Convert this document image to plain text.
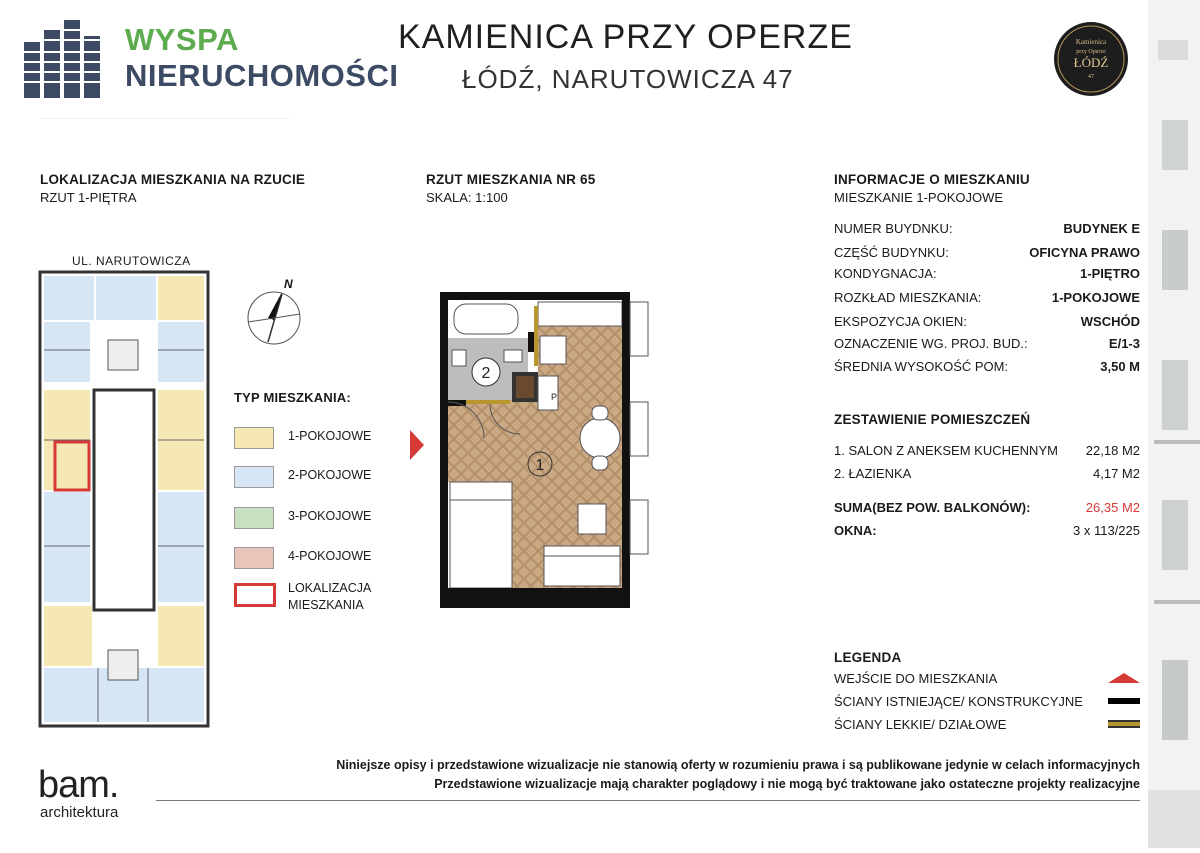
WYSPA
NIERUCHOMOŚCI
KAMIENICA PRZY OPERZE
ŁÓDŹ, NARUTOWICZA 47
Kamienica
przy Operze
ŁÓDŹ
47
LOKALIZACJA MIESZKANIA NA RZUCIE
RZUT 1-PIĘTRA
UL. NARUTOWICZA
N
TYP MIESZKANIA:
1-POKOJOWE
2-POKOJOWE
3-POKOJOWE
4-POKOJOWE
LOKALIZACJA
MIESZKANIA
RZUT MIESZKANIA NR 65
SKALA: 1:100
2
1
P
INFORMACJE O MIESZKANIU
MIESZKANIE 1-POKOJOWE
NUMER BUYDNKU:	BUDYNEK E
CZĘŚĆ BUDYNKU:	OFICYNA PRAWO
KONDYGNACJA:	1-PIĘTRO
ROZKŁAD MIESZKANIA:	1-POKOJOWE
EKSPOZYCJA OKIEN:	WSCHÓD
OZNACZENIE WG. PROJ. BUD.:	E/1-3
ŚREDNIA WYSOKOŚĆ POM:	3,50 M
ZESTAWIENIE POMIESZCZEŃ
1. SALON Z ANEKSEM KUCHENNYM 22,18 M2
2. ŁAZIENKA	4,17 M2
SUMA(BEZ POW. BALKONÓW):	26,35 M2
OKNA:	3 x 113/225
LEGENDA
WEJŚCIE DO MIESZKANIA
ŚCIANY ISTNIEJĄCE/ KONSTRUKCYJNE
ŚCIANY LEKKIE/ DZIAŁOWE
Niniejsze opisy i przedstawione wizualizacje nie stanowią oferty w rozumieniu prawa i są publikowane jedynie w celach informacyjnych
Przedstawione wizualizacje mają charakter poglądowy i nie mogą być traktowane jako ostateczne projekty realizacyjne
bam.
architektura
